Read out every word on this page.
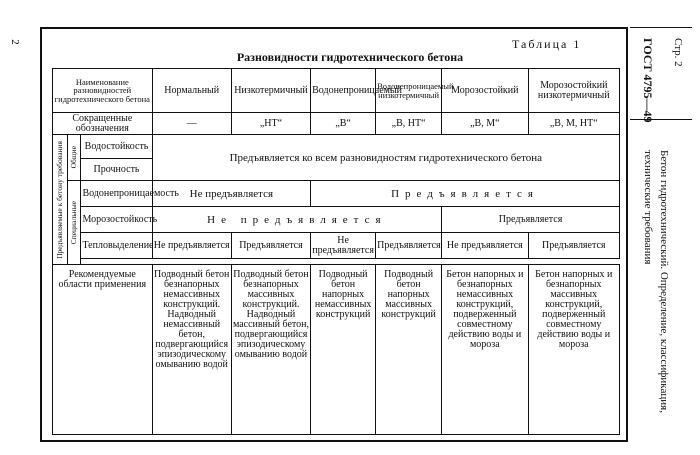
2	Таблица 1
Разновидности гидротехнического бетона	Стр. 2
ГОСТ 4795—49
Бетон гидротехнический. Определение, классификация, технические требования
Наименование разновидностей гидротехнического бетона			Нормальный	Низкотермичный	Водонепроницаемый	Водонепроницаемый низкотермичный	Морозостойкий	Морозостойкий низкотермичный
Сокращенные обозначения			—	„НТ“	„В“	„В, НТ“	„В, М“	„В, М, НТ“

Предъявляемые к бетону требования	Общие	Водостойкость	Предъявляется ко всем разновидностям гидротехнического бетона					
		Прочность						

	Специальные	Водонепроницаемость	Не предъявляется		Предъявляется			
		Морозостойкость	Не предъявляется				Предъявляется	
		Тепловыделение	Не предъявляется	Предъявляется	Не предъявляется	Предъявляется	Не предъявляется	Предъявляется

Рекомендуемые области применения			Подводный бетон безнапорных немассивных конструкций. Надводный немассивный бетон, подвергающийся эпизодическому омыванию водой	Подводный бетон безнапорных массивных конструкций. Надводный массивный бетон, подвергающийся эпизодическому омыванию водой	Подводный бетон напорных немассивных конструкций	Подводный бетон напорных массивных конструкций	Бетон напорных и безнапорных немассивных конструкций, подверженный совместному действию воды и мороза	Бетон напорных и безнапорных массивных конструкций, подверженный совместному действию воды и мороза
